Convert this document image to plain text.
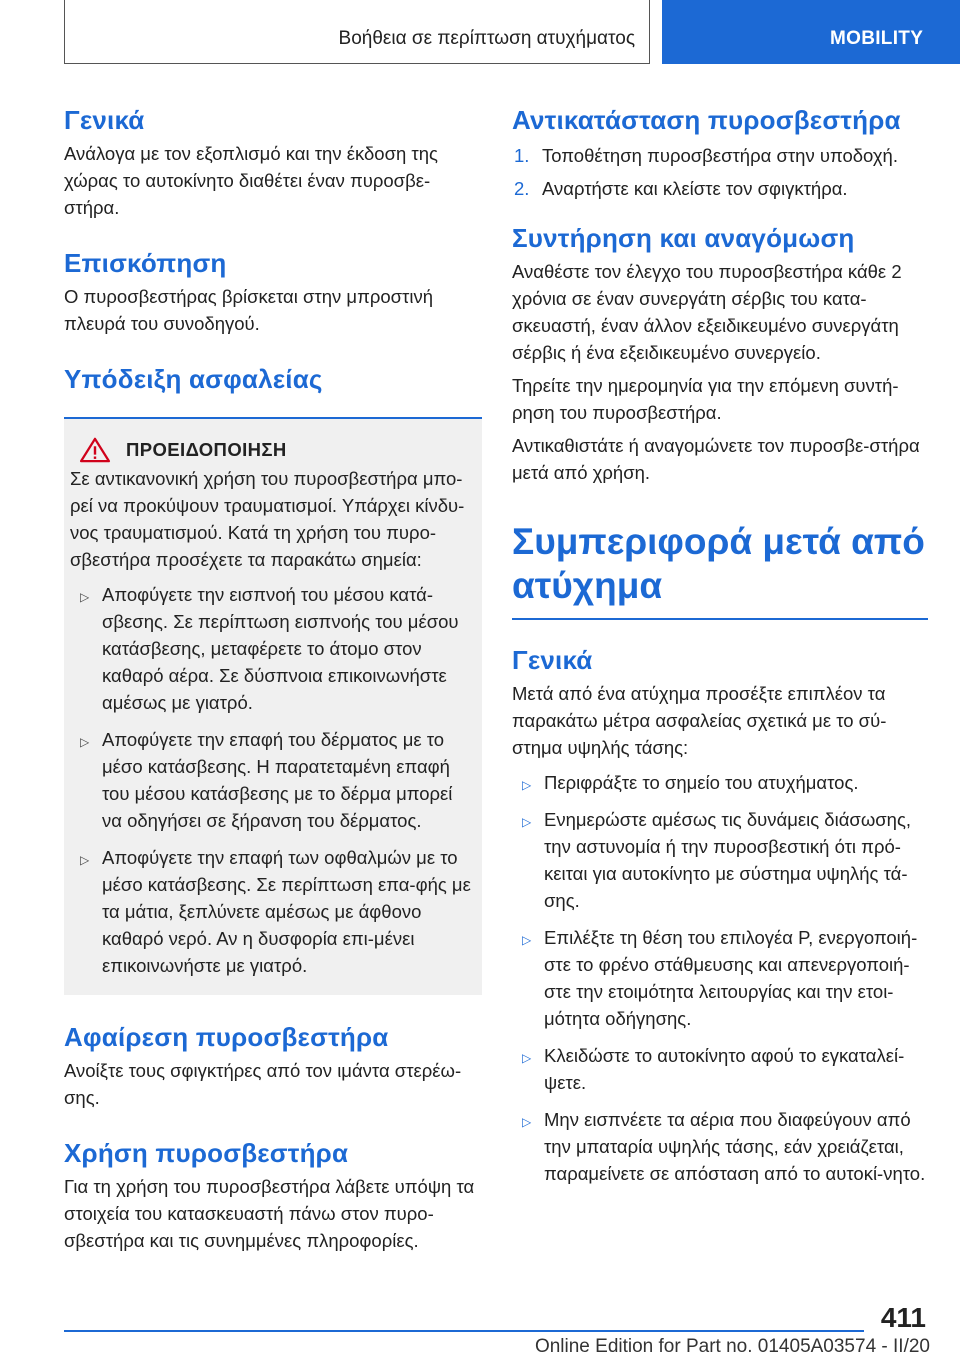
Βοήθεια σε περίπτωση ατυχήματος	MOBILITY
Γενικά

Ανάλογα με τον εξοπλισμό και την έκδοση της χώρας το αυτοκίνητο διαθέτει έναν πυροσβε‐στήρα.

Επισκόπηση

Ο πυροσβεστήρας βρίσκεται στην μπροστινή πλευρά του συνοδηγού.

Υπόδειξη ασφαλείας
ΠΡΟΕΙΔΟΠΟΙΗΣΗ

Σε αντικανονική χρήση του πυροσβεστήρα μπο‐ρεί να προκύψουν τραυματισμοί. Υπάρχει κίνδυ‐νος τραυματισμού. Κατά τη χρήση του πυρο‐σβεστήρα προσέχετε τα παρακάτω σημεία:

▷ Αποφύγετε την εισπνοή του μέσου κατά‐σβεσης. Σε περίπτωση εισπνοής του μέσου κατάσβεσης, μεταφέρετε το άτομο στον καθαρό αέρα. Σε δύσπνοια επικοινωνήστε αμέσως με γιατρό.
▷ Αποφύγετε την επαφή του δέρματος με το μέσο κατάσβεσης. Η παρατεταμένη επαφή του μέσου κατάσβεσης με το δέρμα μπορεί να οδηγήσει σε ξήρανση του δέρματος.
▷ Αποφύγετε την επαφή των οφθαλμών με το μέσο κατάσβεσης. Σε περίπτωση επα‐φής με τα μάτια, ξεπλύνετε αμέσως με άφθονο καθαρό νερό. Αν η δυσφορία επι‐μένει επικοινωνήστε με γιατρό.
Αφαίρεση πυροσβεστήρα

Ανοίξτε τους σφιγκτήρες από τον ιμάντα στερέω‐σης.

Χρήση πυροσβεστήρα

Για τη χρήση του πυροσβεστήρα λάβετε υπόψη τα στοιχεία του κατασκευαστή πάνω στον πυρο‐σβεστήρα και τις συνημμένες πληροφορίες.

Αντικατάσταση πυροσβεστήρα
1. Τοποθέτηση πυροσβεστήρα στην υποδοχή.
2. Αναρτήστε και κλείστε τον σφιγκτήρα.
Συντήρηση και αναγόμωση

Αναθέστε τον έλεγχο του πυροσβεστήρα κάθε 2 χρόνια σε έναν συνεργάτη σέρβις του κατα‐σκευαστή, έναν άλλον εξειδικευμένο συνεργάτη σέρβις ή ένα εξειδικευμένο συνεργείο.

Τηρείτε την ημερομηνία για την επόμενη συντή‐ρηση του πυροσβεστήρα.

Αντικαθιστάτε ή αναγομώνετε τον πυροσβε‐στήρα μετά από χρήση.

Συμπεριφορά μετά από
ατύχημα
Γενικά

Μετά από ένα ατύχημα προσέξτε επιπλέον τα παρακάτω μέτρα ασφαλείας σχετικά με το σύ‐στημα υψηλής τάσης:

▷ Περιφράξτε το σημείο του ατυχήματος.
▷ Ενημερώστε αμέσως τις δυνάμεις διάσωσης, την αστυνομία ή την πυροσβεστική ότι πρό‐κειται για αυτοκίνητο με σύστημα υψηλής τά‐σης.
▷ Επιλέξτε τη θέση του επιλογέα P, ενεργοποιή‐στε το φρένο στάθμευσης και απενεργοποιή‐στε την ετοιμότητα λειτουργίας και την ετοι‐μότητα οδήγησης.
▷ Κλειδώστε το αυτοκίνητο αφού το εγκαταλεί‐ψετε.
▷ Μην εισπνέετε τα αέρια που διαφεύγουν από την μπαταρία υψηλής τάσης, εάν χρειάζεται, παραμείνετε σε απόσταση από το αυτοκί‐νητο.
411
Online Edition for Part no. 01405A03574 - II/20
